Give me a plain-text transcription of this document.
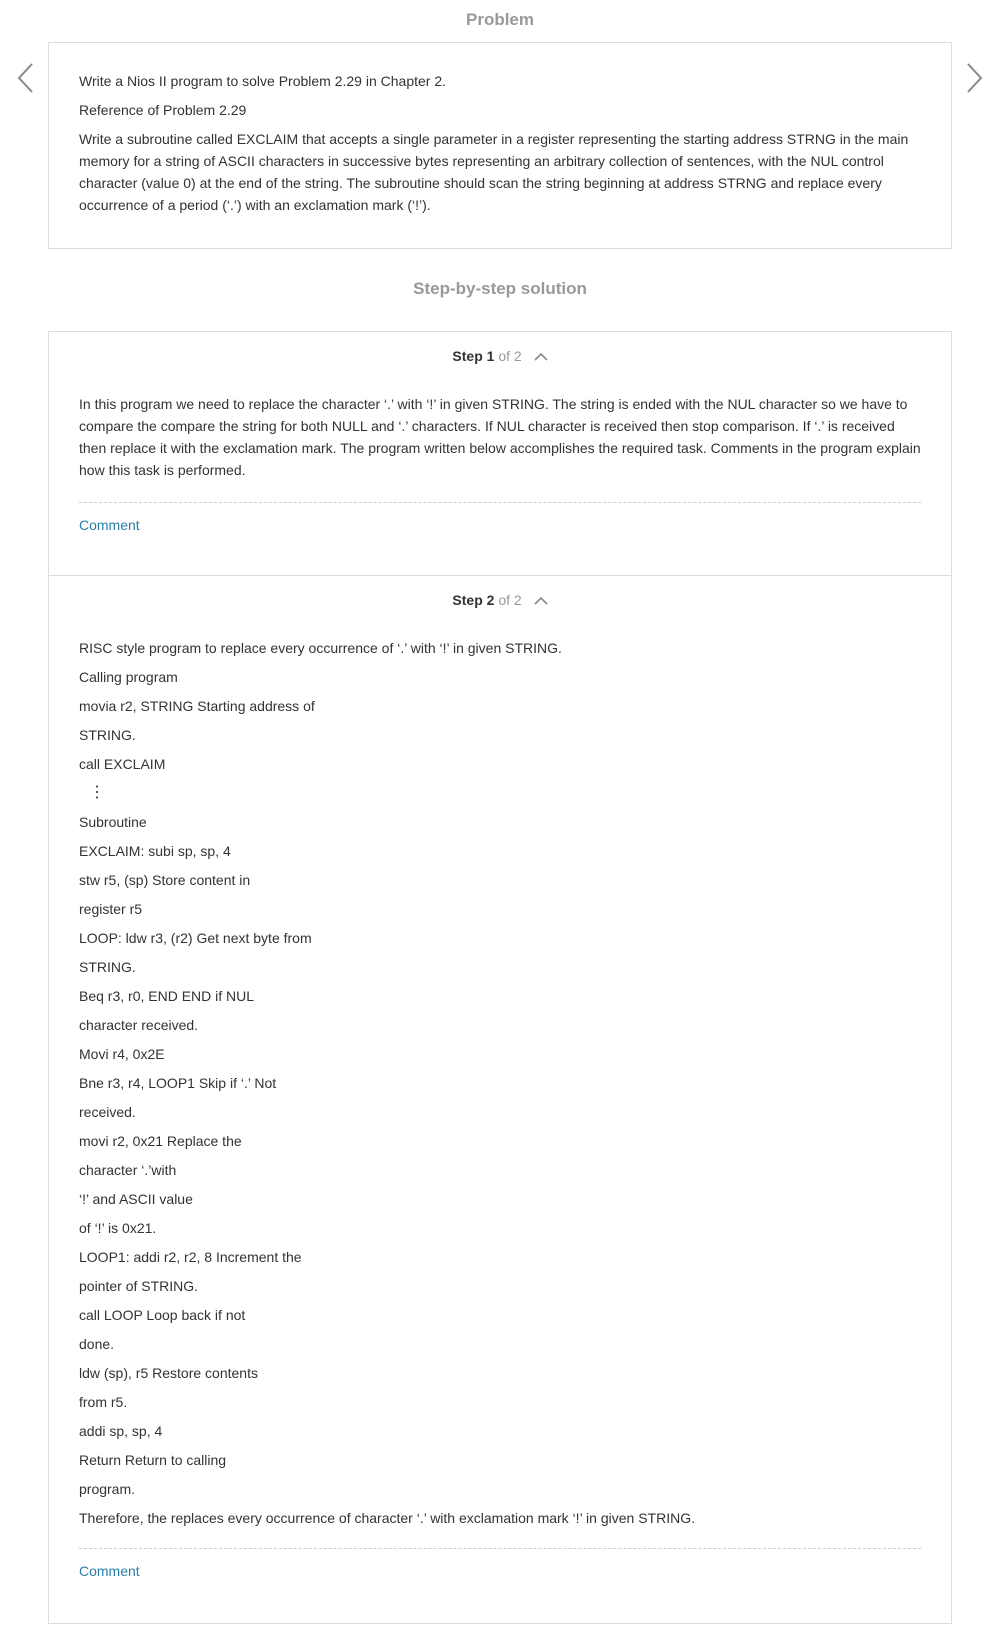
Problem

Write a Nios II program to solve Problem 2.29 in Chapter 2.

Reference of Problem 2.29

Write a subroutine called EXCLAIM that accepts a single parameter in a register representing the starting address STRNG in the main memory for a string of ASCII characters in successive bytes representing an arbitrary collection of sentences, with the NUL control character (value 0) at the end of the string. The subroutine should scan the string beginning at address STRNG and replace every occurrence of a period (‘.’) with an exclamation mark (‘!’).

Step-by-step solution
Step 1 of 2
In this program we need to replace the character ‘.’ with ‘!’ in given STRING. The string is ended with the NUL character so we have to compare the compare the string for both NULL and ‘.’ characters. If NUL character is received then stop comparison. If ‘.’ is received then replace it with the exclamation mark. The program written below accomplishes the required task. Comments in the program explain how this task is performed.
Comment
Step 2 of 2
RISC style program to replace every occurrence of ‘.’ with ‘!’ in given STRING.
Calling program
movia r2, STRING Starting address of
STRING.
call EXCLAIM
⋮
Subroutine
EXCLAIM: subi sp, sp, 4
stw r5, (sp) Store content in
register r5
LOOP: ldw r3, (r2) Get next byte from
STRING.
Beq r3, r0, END END if NUL
character received.
Movi r4, 0x2E
Bne r3, r4, LOOP1 Skip if ‘.’ Not
received.
movi r2, 0x21 Replace the
character ‘.’with
‘!’ and ASCII value
of ‘!’ is 0x21.
LOOP1: addi r2, r2, 8 Increment the
pointer of STRING.
call LOOP Loop back if not
done.
ldw (sp), r5 Restore contents
from r5.
addi sp, sp, 4
Return Return to calling
program.
Therefore, the replaces every occurrence of character ‘.’ with exclamation mark ‘!’ in given STRING.
Comment
